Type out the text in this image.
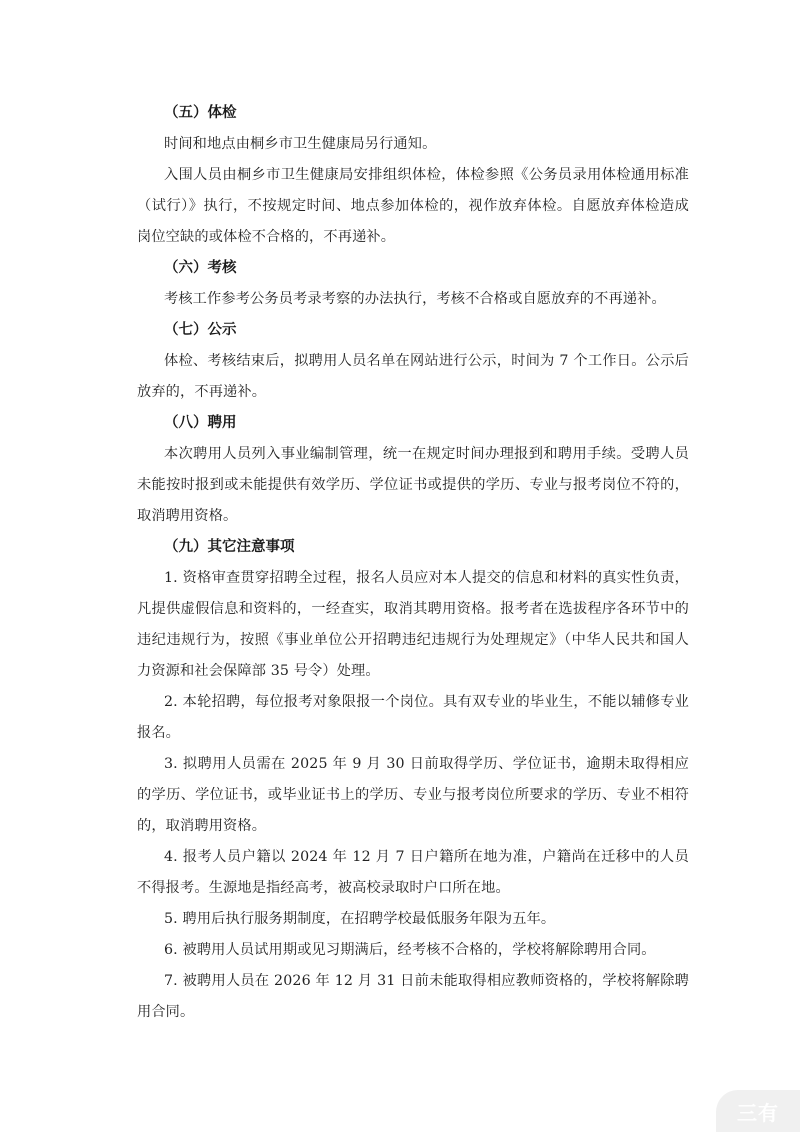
（五）体检

时间和地点由桐乡市卫生健康局另行通知。

入围人员由桐乡市卫生健康局安排组织体检，体检参照《公务员录用体检通用标准（试行）》执行，不按规定时间、地点参加体检的，视作放弃体检。自愿放弃体检造成岗位空缺的或体检不合格的，不再递补。

（六）考核

考核工作参考公务员考录考察的办法执行，考核不合格或自愿放弃的不再递补。

（七）公示

体检、考核结束后，拟聘用人员名单在网站进行公示，时间为 7 个工作日。公示后放弃的，不再递补。

（八）聘用

本次聘用人员列入事业编制管理，统一在规定时间办理报到和聘用手续。受聘人员未能按时报到或未能提供有效学历、学位证书或提供的学历、专业与报考岗位不符的，取消聘用资格。

（九）其它注意事项

1. 资格审查贯穿招聘全过程，报名人员应对本人提交的信息和材料的真实性负责，凡提供虚假信息和资料的，一经查实，取消其聘用资格。报考者在选拔程序各环节中的违纪违规行为，按照《事业单位公开招聘违纪违规行为处理规定》（中华人民共和国人力资源和社会保障部 35 号令）处理。

2. 本轮招聘，每位报考对象限报一个岗位。具有双专业的毕业生，不能以辅修专业报名。

3. 拟聘用人员需在 2025 年 9 月 30 日前取得学历、学位证书，逾期未取得相应的学历、学位证书，或毕业证书上的学历、专业与报考岗位所要求的学历、专业不相符的，取消聘用资格。

4. 报考人员户籍以 2024 年 12 月 7 日户籍所在地为准，户籍尚在迁移中的人员不得报考。生源地是指经高考，被高校录取时户口所在地。

5. 聘用后执行服务期制度，在招聘学校最低服务年限为五年。

6. 被聘用人员试用期或见习期满后，经考核不合格的，学校将解除聘用合同。

7. 被聘用人员在 2026 年 12 月 31 日前未能取得相应教师资格的，学校将解除聘用合同。

三有
